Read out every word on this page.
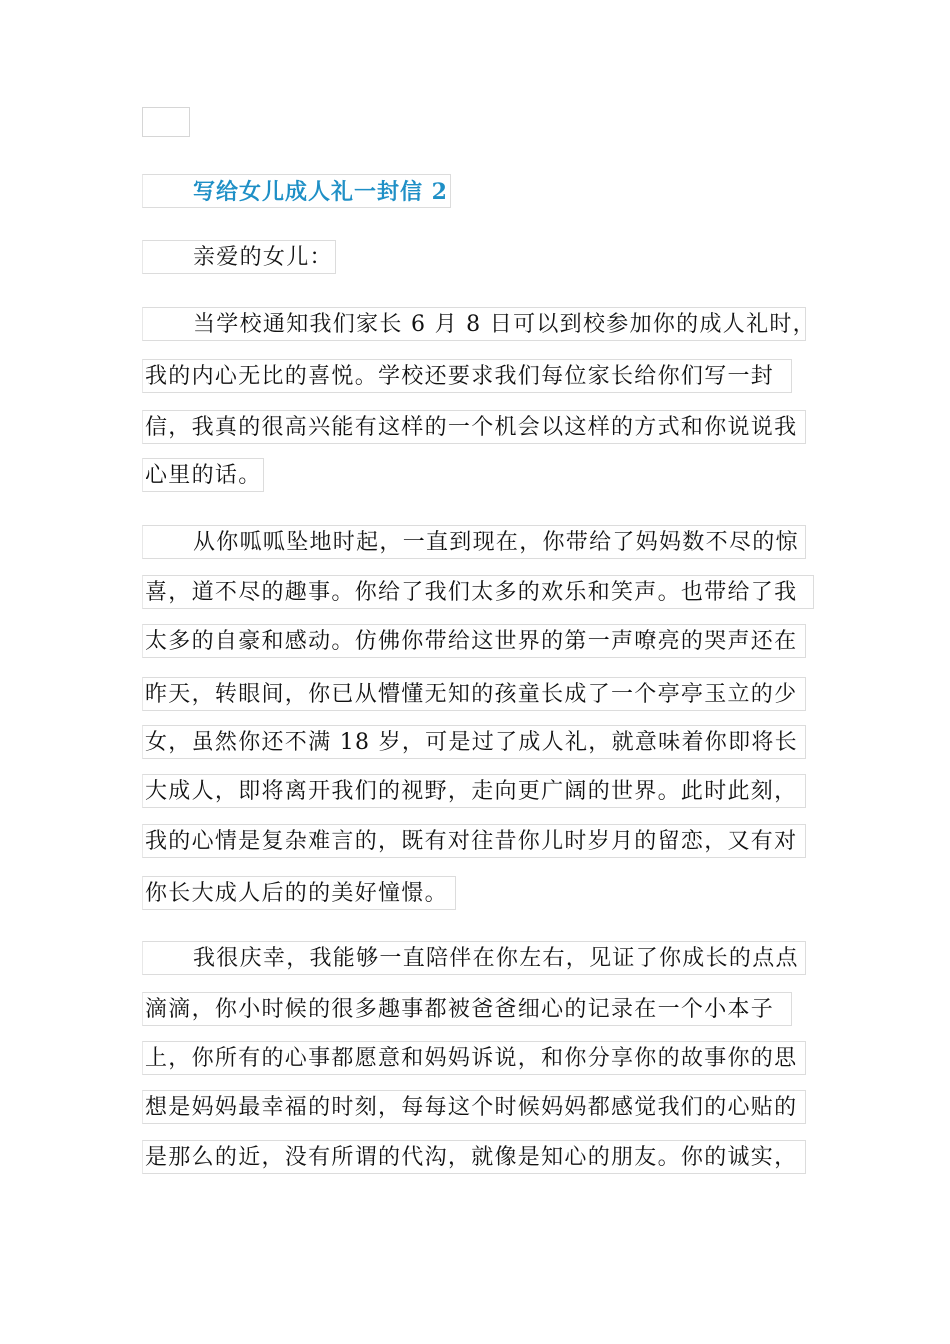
写给女儿成人礼一封信 2
亲爱的女儿：
当学校通知我们家长 6 月 8 日可以到校参加你的成人礼时，
我的内心无比的喜悦。学校还要求我们每位家长给你们写一封
信，我真的很高兴能有这样的一个机会以这样的方式和你说说我
心里的话。
从你呱呱坠地时起，一直到现在，你带给了妈妈数不尽的惊
喜，道不尽的趣事。你给了我们太多的欢乐和笑声。也带给了我
太多的自豪和感动。仿佛你带给这世界的第一声嘹亮的哭声还在
昨天，转眼间，你已从懵懂无知的孩童长成了一个亭亭玉立的少
女，虽然你还不满 18 岁，可是过了成人礼，就意味着你即将长
大成人，即将离开我们的视野，走向更广阔的世界。此时此刻，
我的心情是复杂难言的，既有对往昔你儿时岁月的留恋，又有对
你长大成人后的的美好憧憬。
我很庆幸，我能够一直陪伴在你左右，见证了你成长的点点
滴滴，你小时候的很多趣事都被爸爸细心的记录在一个小本子
上，你所有的心事都愿意和妈妈诉说，和你分享你的故事你的思
想是妈妈最幸福的时刻，每每这个时候妈妈都感觉我们的心贴的
是那么的近，没有所谓的代沟，就像是知心的朋友。你的诚实，
